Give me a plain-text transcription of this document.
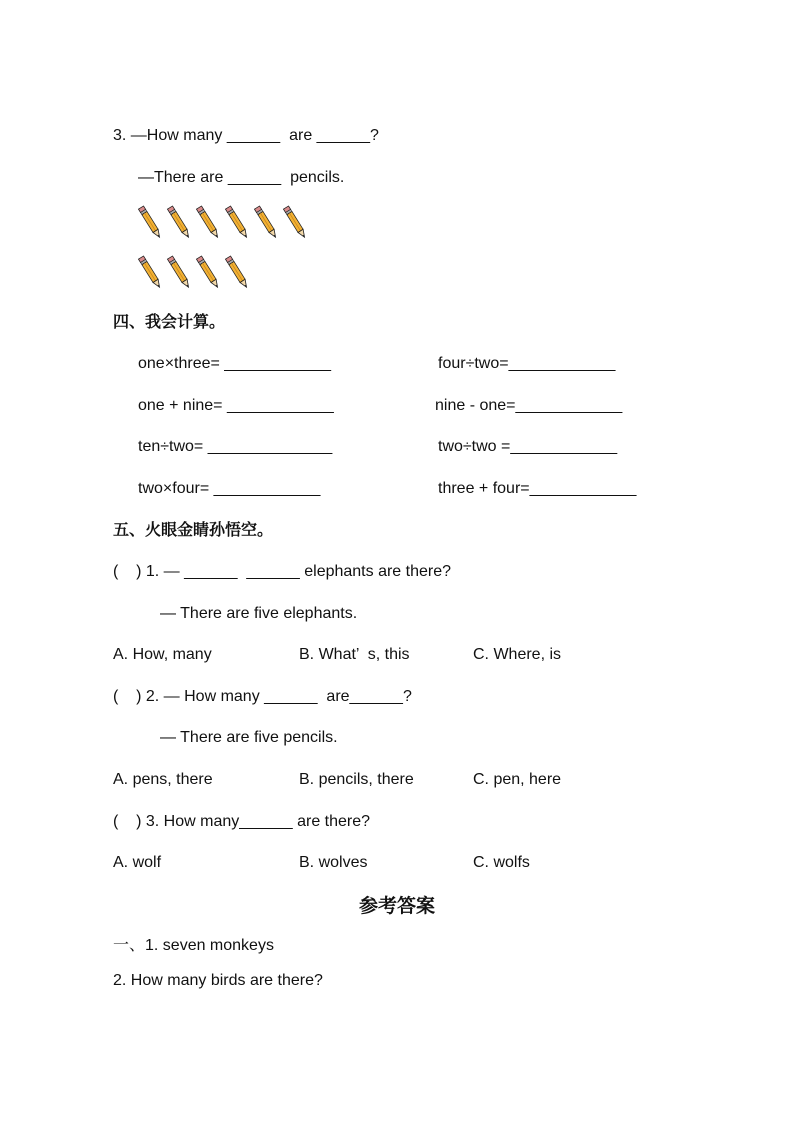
3. —How many ______  are ______?
—There are ______  pencils.
四、我会计算。
one×three= ____________	four÷two=____________
one + nine= ____________	nine - one=____________
ten÷two= ______________	two÷two =____________
two×four= ____________	three + four=____________
五、火眼金睛孙悟空。
(    ) 1. — ______  ______ elephants are there?
— There are five elephants.
A. How, many	B. What’  s, this	C. Where, is
(    ) 2. — How many ______  are______?
— There are five pencils.
A. pens, there	B. pencils, there	C. pen, here
(    ) 3. How many______ are there?
A. wolf	B. wolves	C. wolfs
参考答案
一、1. seven monkeys
2. How many birds are there?
